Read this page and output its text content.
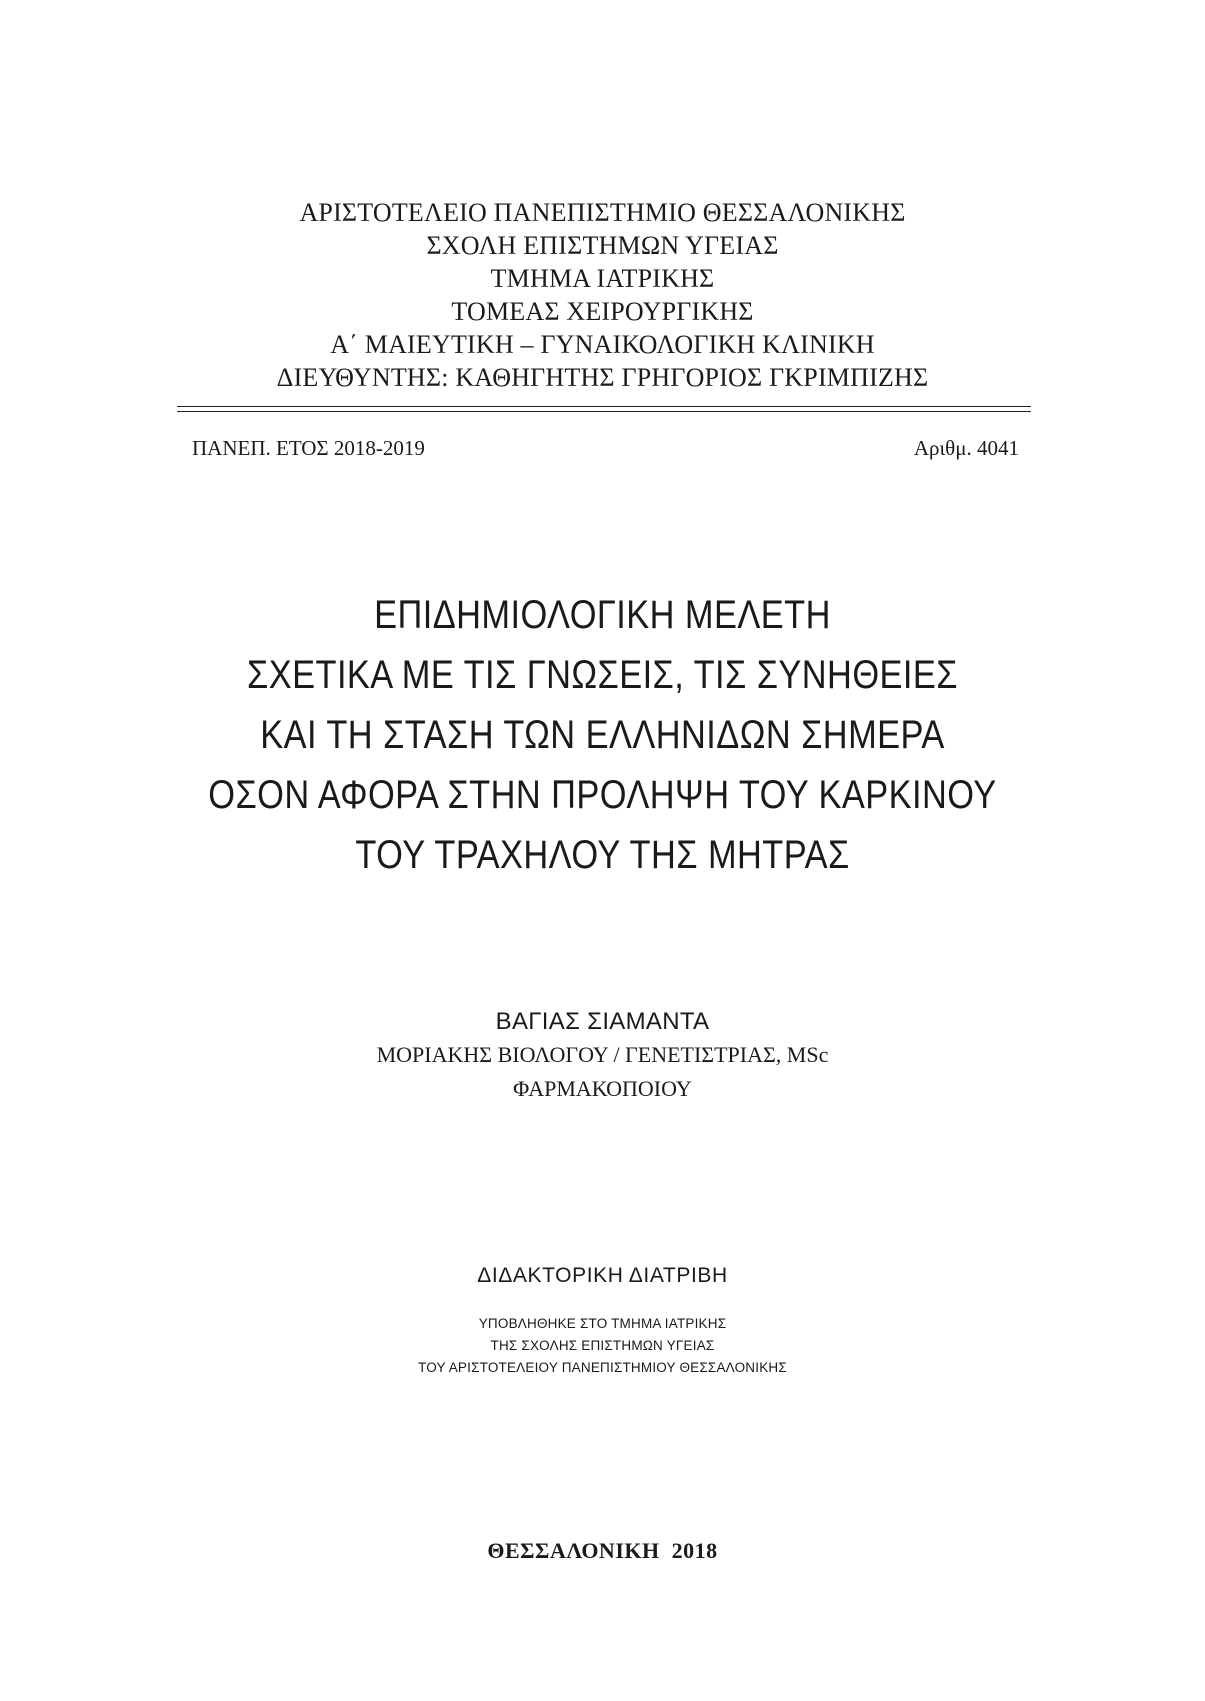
ΑΡΙΣΤΟΤΕΛΕΙΟ ΠΑΝΕΠΙΣΤΗΜΙΟ ΘΕΣΣΑΛΟΝΙΚΗΣ
ΣΧΟΛΗ ΕΠΙΣΤΗΜΩΝ ΥΓΕΙΑΣ
ΤΜΗΜΑ ΙΑΤΡΙΚΗΣ
ΤΟΜΕΑΣ ΧΕΙΡΟΥΡΓΙΚΗΣ
Α΄ ΜΑΙΕΥΤΙΚΗ – ΓΥΝΑΙΚΟΛΟΓΙΚΗ ΚΛΙΝΙΚΗ
ΔΙΕΥΘΥΝΤΗΣ: ΚΑΘΗΓΗΤΗΣ ΓΡΗΓΟΡΙΟΣ ΓΚΡΙΜΠΙΖΗΣ
ΠΑΝΕΠ. ΕΤΟΣ 2018-2019	Αριθμ. 4041
ΕΠΙΔΗΜΙΟΛΟΓΙΚΗ ΜΕΛΕΤΗ
ΣΧΕΤΙΚΑ ΜΕ ΤΙΣ ΓΝΩΣΕΙΣ, ΤΙΣ ΣΥΝΗΘΕΙΕΣ
ΚΑΙ ΤΗ ΣΤΑΣΗ ΤΩΝ ΕΛΛΗΝΙΔΩΝ ΣΗΜΕΡΑ
ΟΣΟΝ ΑΦΟΡΑ ΣΤΗΝ ΠΡΟΛΗΨΗ ΤΟΥ ΚΑΡΚΙΝΟΥ
ΤΟΥ ΤΡΑΧΗΛΟΥ ΤΗΣ ΜΗΤΡΑΣ
ΒΑΓΙΑΣ ΣΙΑΜΑΝΤΑ
ΜΟΡΙΑΚΗΣ ΒΙΟΛΟΓΟΥ / ΓΕΝΕΤΙΣΤΡΙΑΣ, MSc
ΦΑΡΜΑΚΟΠΟΙΟΥ
ΔΙΔΑΚΤΟΡΙΚΗ ΔΙΑΤΡΙΒΗ
ΥΠΟΒΛΗΘΗΚΕ ΣΤΟ ΤΜΗΜΑ ΙΑΤΡΙΚΗΣ
ΤΗΣ ΣΧΟΛΗΣ ΕΠΙΣΤΗΜΩΝ ΥΓΕΙΑΣ
ΤΟΥ ΑΡΙΣΤΟΤΕΛΕΙΟΥ ΠΑΝΕΠΙΣΤΗΜΙΟΥ ΘΕΣΣΑΛΟΝΙΚΗΣ
ΘΕΣΣΑΛΟΝΙΚΗ  2018
